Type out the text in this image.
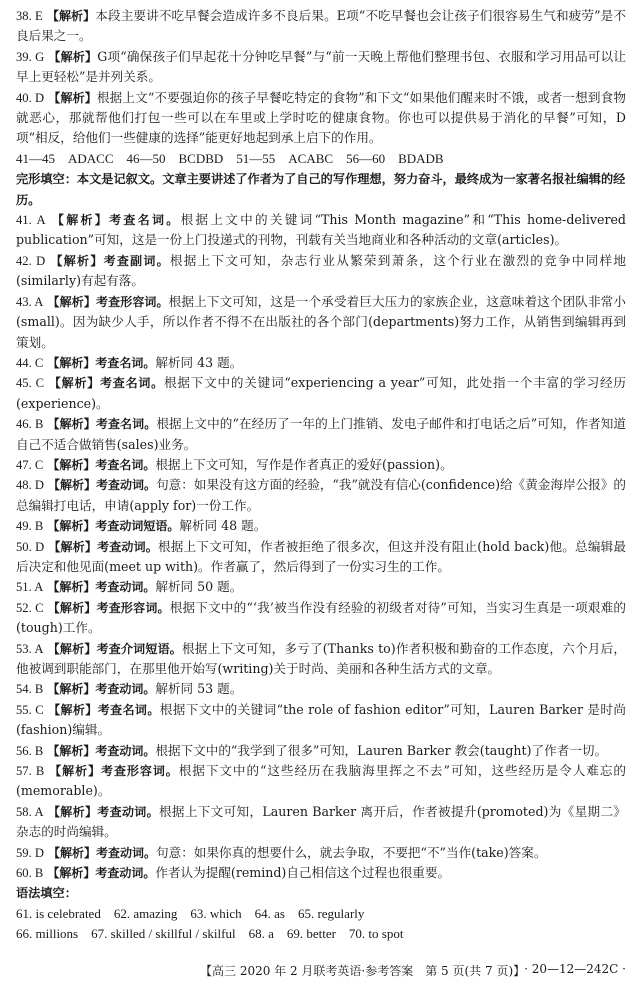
38. E 【解析】本段主要讲不吃早餐会造成许多不良后果。E项“不吃早餐也会让孩子们很容易生气和疲劳”是不良后果之一。

39. G 【解析】G项“确保孩子们早起花十分钟吃早餐”与“前一天晚上帮他们整理书包、衣服和学习用品可以让早上更轻松”是并列关系。

40. D 【解析】根据上文“不要强迫你的孩子早餐吃特定的食物”和下文“如果他们醒来时不饿，或者一想到食物就恶心，那就帮他们打包一些可以在车里或上学时吃的健康食物。你也可以提供易于消化的早餐”可知，D项“相反，给他们一些健康的选择”能更好地起到承上启下的作用。

41—45　ADACC　46—50　BCDBD　51—55　ACABC　56—60　BDADB

完形填空：本文是记叙文。文章主要讲述了作者为了自己的写作理想，努力奋斗，最终成为一家著名报社编辑的经历。

41. A 【解析】考查名词。根据上文中的关键词“This Month magazine”和“This home-delivered publication”可知，这是一份上门投递式的刊物，刊载有关当地商业和各种活动的文章(articles)。

42. D 【解析】考查副词。根据上下文可知，杂志行业从繁荣到萧条，这个行业在激烈的竞争中同样地(similarly)有起有落。

43. A 【解析】考查形容词。根据上下文可知，这是一个承受着巨大压力的家族企业，这意味着这个团队非常小(small)。因为缺少人手，所以作者不得不在出版社的各个部门(departments)努力工作，从销售到编辑再到策划。

44. C 【解析】考查名词。解析同 43 题。

45. C 【解析】考查名词。根据下文中的关键词“experiencing a year”可知，此处指一个丰富的学习经历(experience)。

46. B 【解析】考查名词。根据上文中的“在经历了一年的上门推销、发电子邮件和打电话之后”可知，作者知道自己不适合做销售(sales)业务。

47. C 【解析】考查名词。根据上下文可知，写作是作者真正的爱好(passion)。

48. D 【解析】考查动词。句意：如果没有这方面的经验，“我”就没有信心(confidence)给《黄金海岸公报》的总编辑打电话，申请(apply for)一份工作。

49. B 【解析】考查动词短语。解析同 48 题。

50. D 【解析】考查动词。根据上下文可知，作者被拒绝了很多次，但这并没有阻止(hold back)他。总编辑最后决定和他见面(meet up with)。作者赢了，然后得到了一份实习生的工作。

51. A 【解析】考查动词。解析同 50 题。

52. C 【解析】考查形容词。根据下文中的“‘我’被当作没有经验的初级者对待”可知，当实习生真是一项艰难的(tough)工作。

53. A 【解析】考查介词短语。根据上下文可知，多亏了(Thanks to)作者积极和勤奋的工作态度，六个月后，他被调到职能部门，在那里他开始写(writing)关于时尚、美丽和各种生活方式的文章。

54. B 【解析】考查动词。解析同 53 题。

55. C 【解析】考查名词。根据下文中的关键词“the role of fashion editor”可知，Lauren Barker 是时尚(fashion)编辑。

56. B 【解析】考查动词。根据下文中的“我学到了很多”可知，Lauren Barker 教会(taught)了作者一切。

57. B 【解析】考查形容词。根据下文中的“这些经历在我脑海里挥之不去”可知，这些经历是令人难忘的(memorable)。

58. A 【解析】考查动词。根据上下文可知，Lauren Barker 离开后，作者被提升(promoted)为《星期二》杂志的时尚编辑。

59. D 【解析】考查动词。句意：如果你真的想要什么，就去争取，不要把“不”当作(take)答案。

60. B 【解析】考查动词。作者认为提醒(remind)自己相信这个过程也很重要。

语法填空：

61. is celebrated　62. amazing　63. which　64. as　65. regularly

66. millions　67. skilled / skillful / skilful　68. a　69. better　70. to spot

【高三 2020 年 2 月联考英语·参考答案　第 5 页(共 7 页)】
· 20—12—242C ·
